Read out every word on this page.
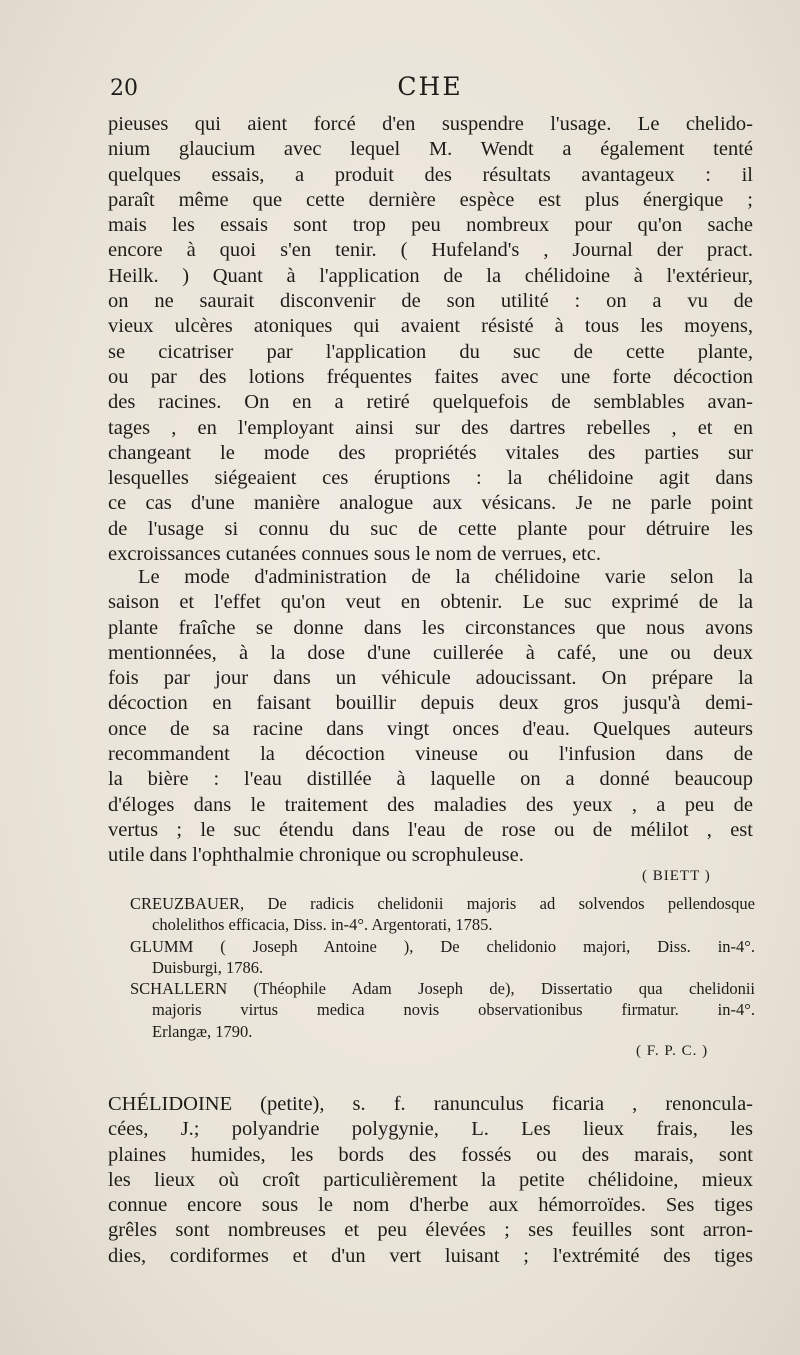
20	CHE
pieuses qui aient forcé d'en suspendre l'usage. Le chelido-
nium glaucium avec lequel M. Wendt a également tenté
quelques essais, a produit des résultats avantageux : il
paraît même que cette dernière espèce est plus énergique ;
mais les essais sont trop peu nombreux pour qu'on sache
encore à quoi s'en tenir. ( Hufeland's , Journal der pract.
Heilk. ) Quant à l'application de la chélidoine à l'extérieur,
on ne saurait disconvenir de son utilité : on a vu de
vieux ulcères atoniques qui avaient résisté à tous les moyens,
se cicatriser par l'application du suc de cette plante,
ou par des lotions fréquentes faites avec une forte décoction
des racines. On en a retiré quelquefois de semblables avan-
tages , en l'employant ainsi sur des dartres rebelles , et en
changeant le mode des propriétés vitales des parties sur
lesquelles siégeaient ces éruptions : la chélidoine agit dans
ce cas d'une manière analogue aux vésicans. Je ne parle point
de l'usage si connu du suc de cette plante pour détruire les
excroissances cutanées connues sous le nom de verrues, etc.
Le mode d'administration de la chélidoine varie selon la
saison et l'effet qu'on veut en obtenir. Le suc exprimé de la
plante fraîche se donne dans les circonstances que nous avons
mentionnées, à la dose d'une cuillerée à café, une ou deux
fois par jour dans un véhicule adoucissant. On prépare la
décoction en faisant bouillir depuis deux gros jusqu'à demi-
once de sa racine dans vingt onces d'eau. Quelques auteurs
recommandent la décoction vineuse ou l'infusion dans de
la bière : l'eau distillée à laquelle on a donné beaucoup
d'éloges dans le traitement des maladies des yeux , a peu de
vertus ; le suc étendu dans l'eau de rose ou de mélilot , est
utile dans l'ophthalmie chronique ou scrophuleuse.
( BIETT )
CREUZBAUER, De radicis chelidonii majoris ad solvendos pellendosque
cholelithos efficacia, Diss. in-4°. Argentorati, 1785.
GLUMM ( Joseph Antoine ), De chelidonio majori, Diss. in-4°.
Duisburgi, 1786.
SCHALLERN (Théophile Adam Joseph de), Dissertatio qua chelidonii
majoris virtus medica novis observationibus firmatur. in-4°.
Erlangæ, 1790.
( F. P. C. )
CHÉLIDOINE (petite), s. f. ranunculus ficaria , renoncula-
cées, J.; polyandrie polygynie, L. Les lieux frais, les
plaines humides, les bords des fossés ou des marais, sont
les lieux où croît particulièrement la petite chélidoine, mieux
connue encore sous le nom d'herbe aux hémorroïdes. Ses tiges
grêles sont nombreuses et peu élevées ; ses feuilles sont arron-
dies, cordiformes et d'un vert luisant ; l'extrémité des tiges
